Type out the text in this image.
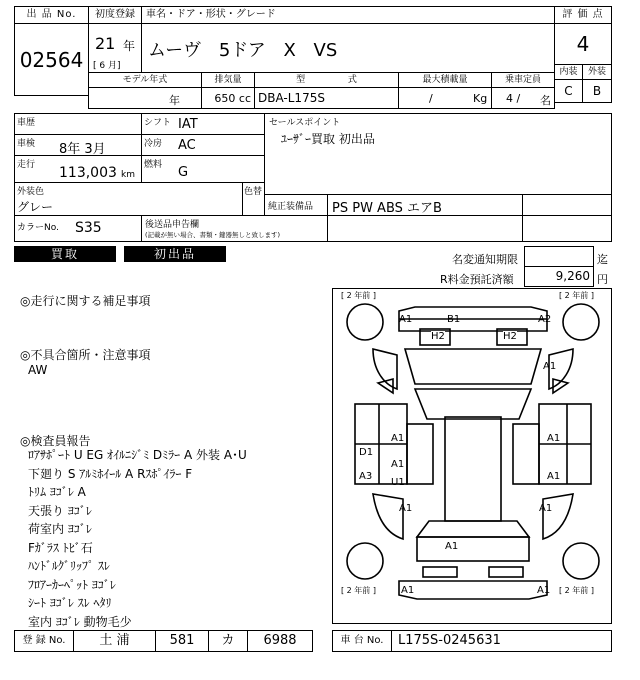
出 品 No.
02564
初度登録
21 年
[ 6 月]
車名・ドア・形状・グレード
ムーヴ 5ドア X VS
評 価 点
4
内装	外装
C	B
モデル年式
年
排気量
650 cc
型 式
DBA-L175S
最大積載量
/	Kg
乗車定員
4 / 名
車歴
車検 8年 3月
走行 113,003 km
シフト IAT
冷房 AC
燃料 G
セールスポイント
ﾕｰｻﾞｰ買取 初出品
外装色
グレー
色替
純正装備品 PS PW ABS エアB
カラーNo. S35	後送品申告欄
(記載が無い場合、書類・鍵器無しと致します)
買取	初出品	名変通知期限	迄
R料金預託済額	9,260 円
◎走行に関する補足事項
◎不具合箇所・注意事項
AW
◎検査員報告
ﾛｱｻﾎﾟｰﾄ U EG ｵｲﾙﾆｼﾞﾐ Dﾐﾗｰ A 外装 A･U
下廻り S ｱﾙﾐﾎｲｰﾙ A Rｽﾎﾟｲﾗｰ F
ﾄﾘﾑ ﾖｺﾞﾚ A
天張り ﾖｺﾞﾚ
荷室内 ﾖｺﾞﾚ
Fｶﾞﾗｽ ﾄﾋﾞ石
ﾊﾝﾄﾞﾙｸﾞﾘｯﾌﾟ ｽﾚ
ﾌﾛｱｰｶｰﾍﾟｯﾄ ﾖｺﾞﾚ
ｼｰﾄ ﾖｺﾞﾚ ｽﾚ ﾍﾀﾘ
室内 ﾖｺﾞﾚ 動物毛少
[ 2 年前 ]	[ 2 年前 ]
[ 2 年前 ]	[ 2 年前 ]
A1	B1	A2
H2	H2
A1
A1	A1
D1
A3
A1
U1
A1
A1	A1
A1
A1	A1
登 録 No.	土 浦	581	カ	6988	車 台 No.	L175S-0245631
